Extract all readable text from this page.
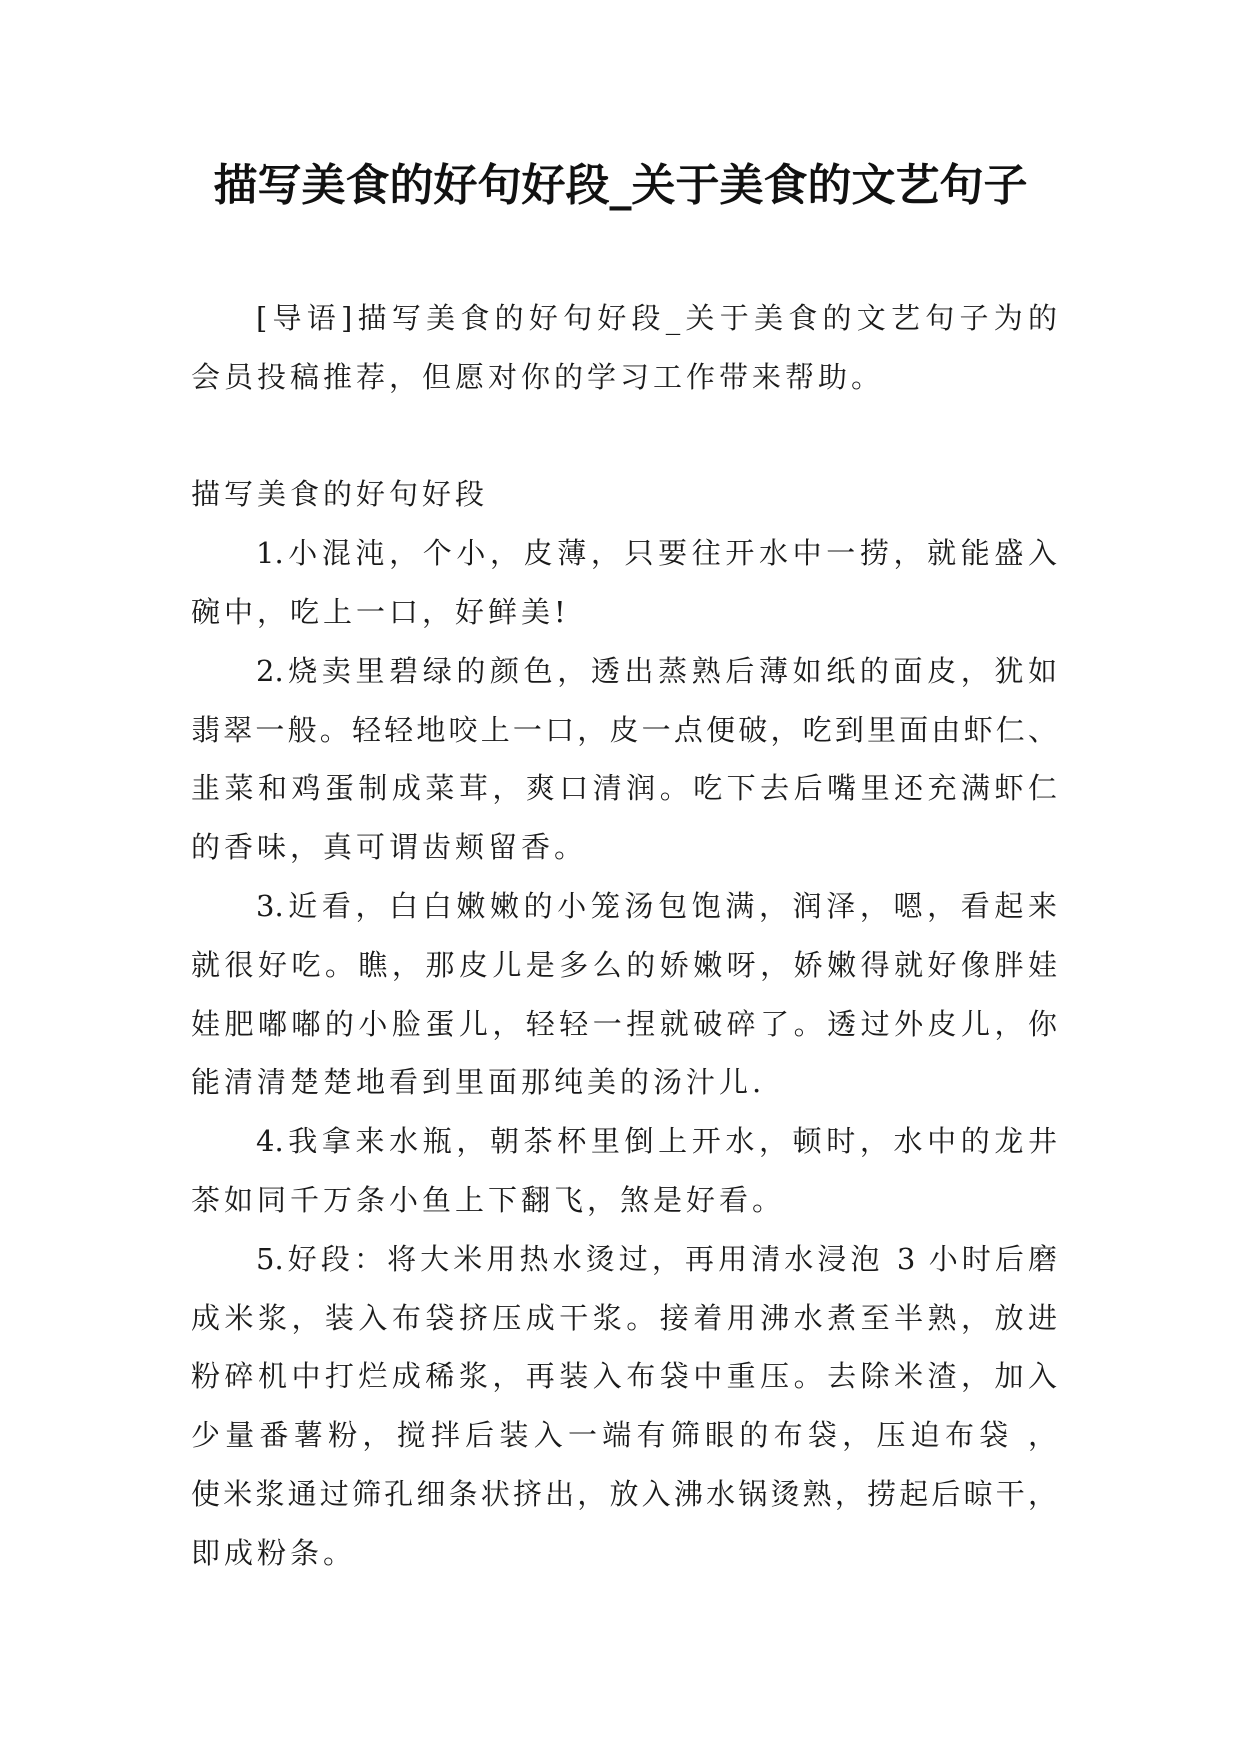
描写美食的好句好段_关于美食的文艺句子
[导语]描写美食的好句好段_关于美食的文艺句子为的
会员投稿推荐，但愿对你的学习工作带来帮助。
描写美食的好句好段
1.小混沌，个小，皮薄，只要往开水中一捞，就能盛入
碗中，吃上一口，好鲜美!
2.烧卖里碧绿的颜色，透出蒸熟后薄如纸的面皮，犹如
翡翠一般。轻轻地咬上一口，皮一点便破，吃到里面由虾仁、
韭菜和鸡蛋制成菜茸，爽口清润。吃下去后嘴里还充满虾仁
的香味，真可谓齿颊留香。
3.近看，白白嫩嫩的小笼汤包饱满，润泽，嗯，看起来
就很好吃。瞧，那皮儿是多么的娇嫩呀，娇嫩得就好像胖娃
娃肥嘟嘟的小脸蛋儿，轻轻一捏就破碎了。透过外皮儿，你
能清清楚楚地看到里面那纯美的汤汁儿.
4.我拿来水瓶，朝茶杯里倒上开水，顿时，水中的龙井
茶如同千万条小鱼上下翻飞，煞是好看。
5.好段：将大米用热水烫过，再用清水浸泡 3 小时后磨
成米浆，装入布袋挤压成干浆。接着用沸水煮至半熟，放进
粉碎机中打烂成稀浆，再装入布袋中重压。去除米渣，加入
少量番薯粉，搅拌后装入一端有筛眼的布袋，压迫布袋 ，
使米浆通过筛孔细条状挤出，放入沸水锅烫熟，捞起后晾干，
即成粉条。
